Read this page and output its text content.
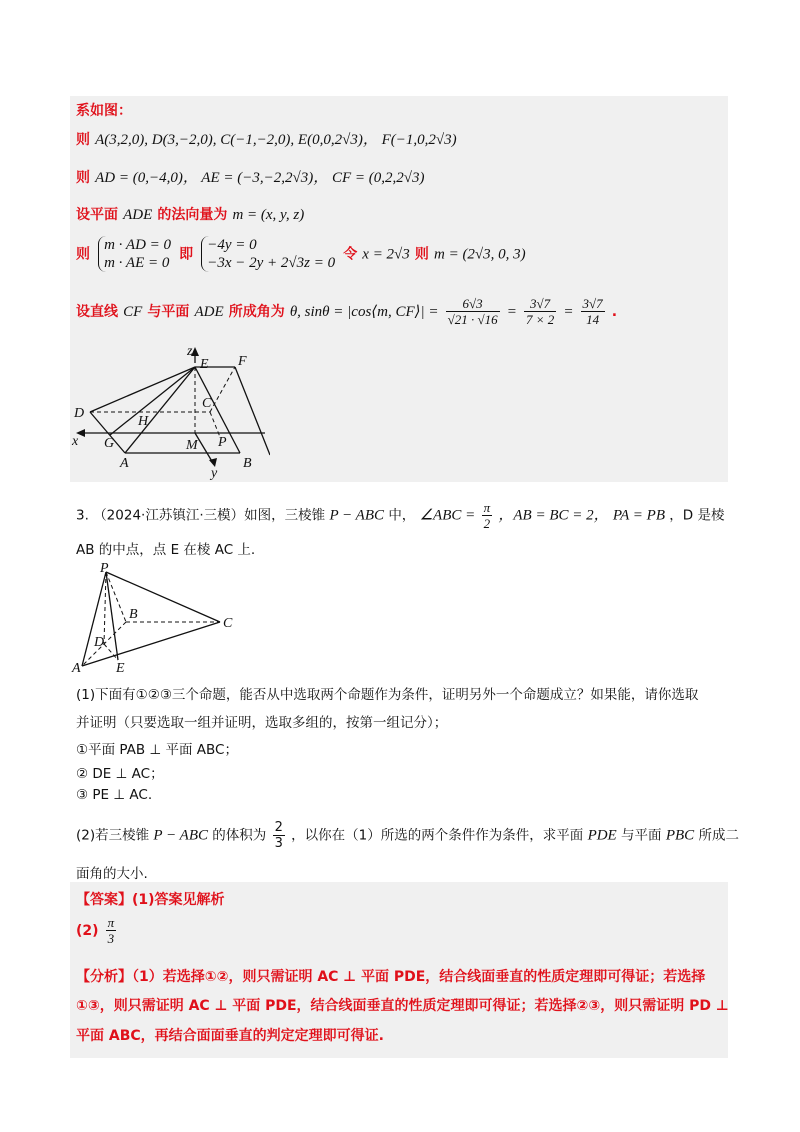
系如图：
则 A(3,2,0), D(3,−2,0), C(−1,−2,0), E(0,0,2√3)， F(−1,0,2√3)
则 AD = (0,−4,0)， AE = (−3,−2,2√3)， CF = (0,2,2√3)
设平面 ADE 的法向量为 m = (x, y, z)
则
m · AD = 0
m · AE = 0
即
−4y = 0
−3x − 2y + 2√3z = 0
令 x = 2√3 则 m = (2√3, 0, 3)
设直线 CF 与平面 ADE 所成角为 θ, sinθ = |cos⟨m, CF⟩| = $\frac{6√3}{√21 \cdot √16} = \frac{3√7}{7 \times 2} = \frac{3√7}{14}$ .
z
E F
C
D
H
x G	M P
A
y
B
3. （2024·江苏镇江·三模）如图，三棱锥 P − ABC 中， ∠ABC = $\frac{\pi}{2}$ ，AB = BC = 2， PA = PB ，D 是棱
AB 的中点，点 E 在棱 AC 上.
P
B
C
D
A	E
(1)下面有①②③三个命题，能否从中选取两个命题作为条件，证明另外一个命题成立？如果能，请你选取
并证明（只要选取一组并证明，选取多组的，按第一组记分）；
①平面 PAB ⊥ 平面 ABC；
② DE ⊥ AC；
③ PE ⊥ AC.
(2)若三棱锥 P − ABC 的体积为 $\frac{2}{3}$ ，以你在（1）所选的两个条件作为条件，求平面 PDE 与平面 PBC 所成二
面角的大小.
【答案】(1)答案见解析
$(2) \frac{\pi}{3}$
【分析】（1）若选择①②，则只需证明 AC ⊥ 平面 PDE，结合线面垂直的性质定理即可得证；若选择
①③，则只需证明 AC ⊥ 平面 PDE，结合线面垂直的性质定理即可得证；若选择②③，则只需证明 PD ⊥
平面 ABC，再结合面面垂直的判定定理即可得证.
